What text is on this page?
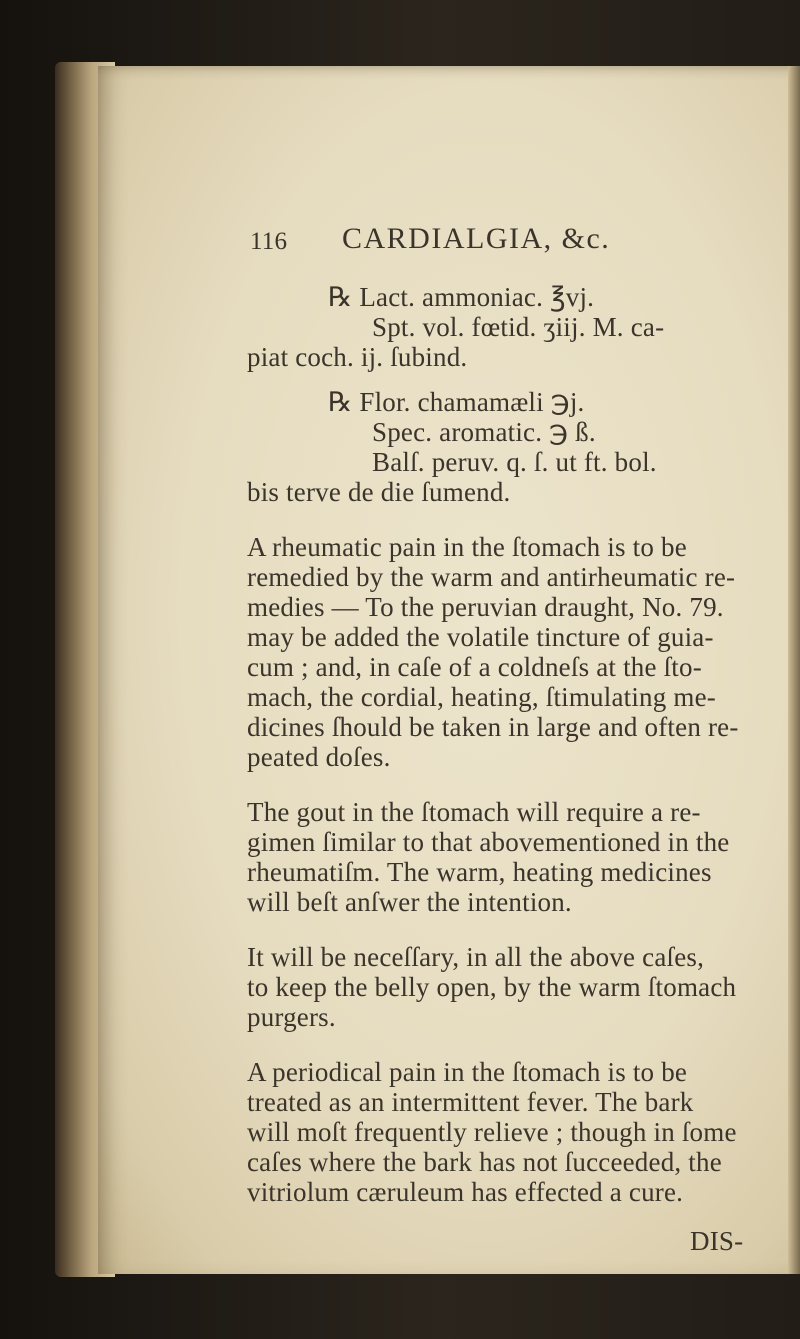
116 CARDIALGIA, &c.
℞ Lact. ammoniac. ℥vj.
Spt. vol. fœtid. ʒiij. M. ca-
piat coch. ij. ſubind.
℞ Flor. chamamæli ℈j.
Spec. aromatic. ℈ ß.
Balſ. peruv. q. ſ. ut ft. bol.
bis terve de die ſumend.
A rheumatic pain in the ſtomach is to be
remedied by the warm and antirheumatic re-
medies — To the peruvian draught, No. 79.
may be added the volatile tincture of guia-
cum ; and, in caſe of a coldneſs at the ſto-
mach, the cordial, heating, ſtimulating me-
dicines ſhould be taken in large and often re-
peated doſes.
The gout in the ſtomach will require a re-
gimen ſimilar to that abovementioned in the
rheumatiſm. The warm, heating medicines
will beſt anſwer the intention.
It will be neceſſary, in all the above caſes,
to keep the belly open, by the warm ſtomach
purgers.
A periodical pain in the ſtomach is to be
treated as an intermittent fever. The bark
will moſt frequently relieve ; though in ſome
caſes where the bark has not ſucceeded, the
vitriolum cæruleum has effected a cure.
DIS-
